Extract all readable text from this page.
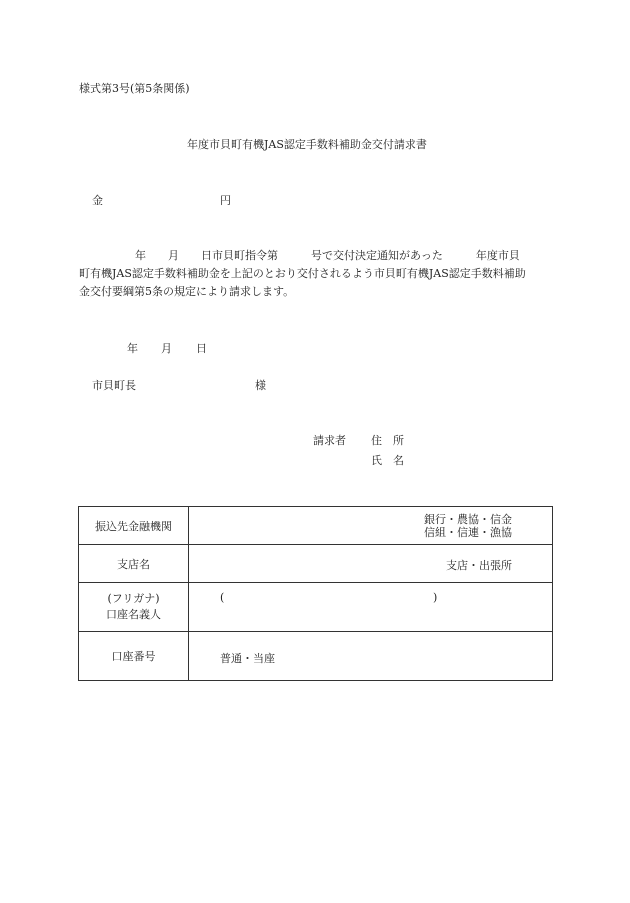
様式第3号(第5条関係)
年度市貝町有機JAS認定手数料補助金交付請求書
金	円
年　　月　　日市貝町指令第　　　号で交付決定通知があった　　　年度市貝
町有機JAS認定手数料補助金を上記のとおり交付されるよう市貝町有機JAS認定手数料補助
金交付要綱第5条の規定により請求します。
年 月 日
市貝町長	様
請求者 住　所
氏　名
振込先金融機関	銀行・農協・信金
信組・信連・漁協

支店名	支店・出張所

(フリガナ)
口座名義人	( )

口座番号	普通・当座
